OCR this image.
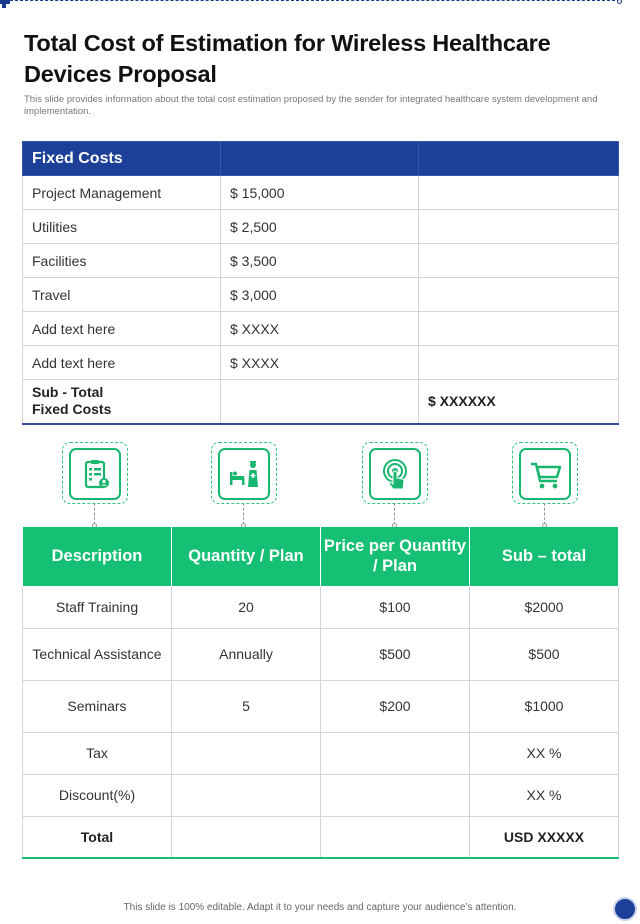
Total Cost of Estimation for Wireless Healthcare Devices Proposal

This slide provides information about the total cost estimation proposed by the sender for integrated healthcare system development and implementation.

Fixed Costs		
Project Management	$ 15,000	
Utilities	$ 2,500	
Facilities	$ 3,500	
Travel	$ 3,000	
Add text here	$ XXXX	
Add text here	$ XXXX	
Sub - Total
Fixed Costs		$ XXXXXX
Description	Quantity / Plan	Price per Quantity / Plan	Sub – total
Staff Training	20	$100	$2000
Technical Assistance	Annually	$500	$500
Seminars	5	$200	$1000
Tax			XX %
Discount(%)			XX %
Total			USD XXXXX

This slide is 100% editable. Adapt it to your needs and capture your audience’s attention.
